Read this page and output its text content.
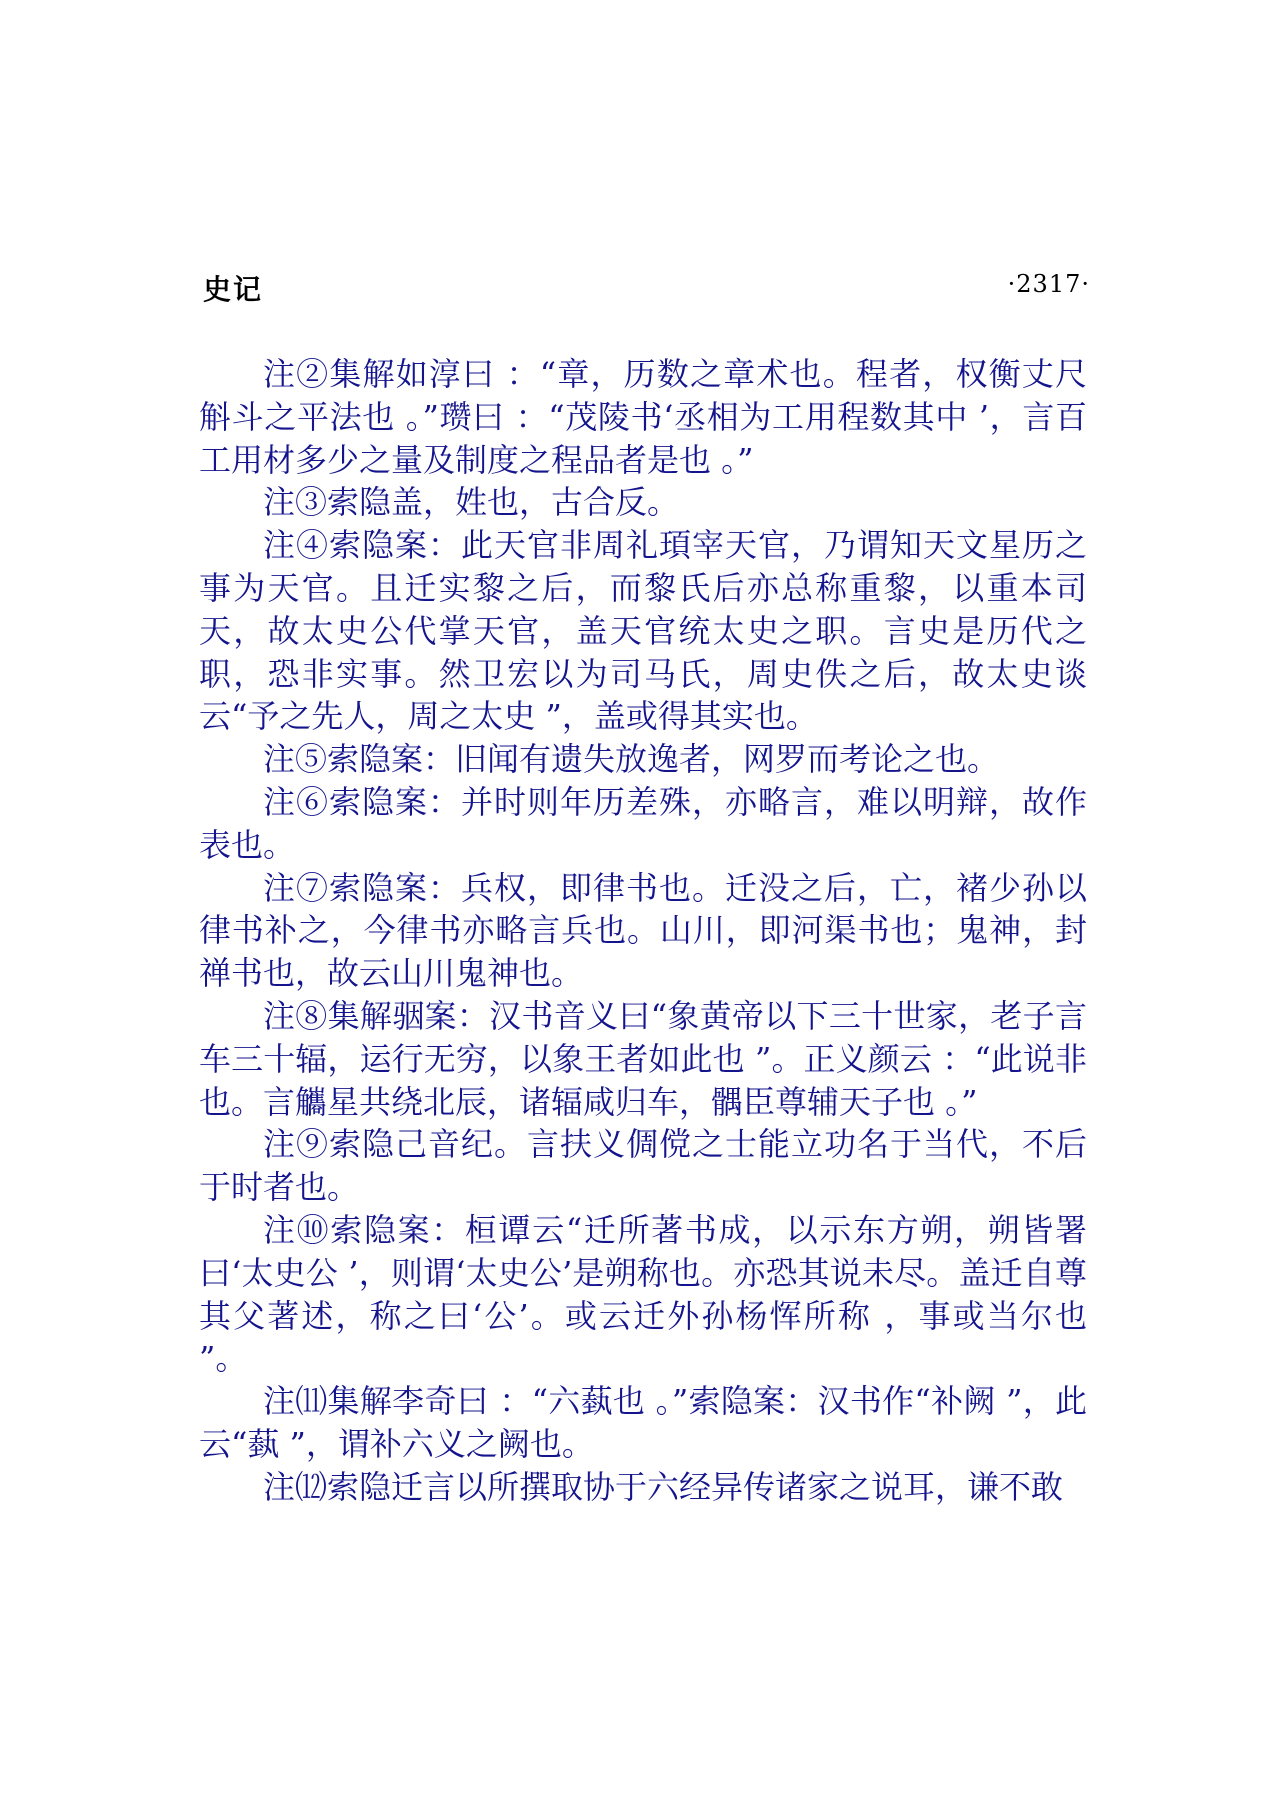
史记	·2317·

注②集解如淳曰 ：“章，历数之章术也。程者，权衡丈尺斛斗之平法也 。”瓒曰 ：“茂陵书‘丞相为工用程数其中 ’，言百工用材多少之量及制度之程品者是也 。”

注③索隐盖，姓也，古合反。

注④索隐案：此天官非周礼頊宰天官，乃谓知天文星历之事为天官。且迁实黎之后，而黎氏后亦总称重黎，以重本司天，故太史公代掌天官，盖天官统太史之职。言史是历代之职，恐非实事。然卫宏以为司马氏，周史佚之后，故太史谈云“予之先人，周之太史 ”，盖或得其实也。

注⑤索隐案：旧闻有遗失放逸者，网罗而考论之也。

注⑥索隐案：并时则年历差殊，亦略言，难以明辩，故作表也。

注⑦索隐案：兵权，即律书也。迁没之后，亡，褚少孙以律书补之，今律书亦略言兵也。山川，即河渠书也；鬼神，封禅书也，故云山川鬼神也。

注⑧集解骃案：汉书音义曰“象黄帝以下三十世家，老子言车三十辐，运行无穷，以象王者如此也 ”。正义颜云 ：“此说非也。言觿星共绕北辰，诸辐咸归车，髃臣尊辅天子也 。”

注⑨索隐己音纪。言扶义倜傥之士能立功名于当代，不后于时者也。

注⑩索隐案：桓谭云“迁所著书成，以示东方朔，朔皆署曰‘太史公 ’，则谓‘太史公’是朔称也。亦恐其说未尽。盖迁自尊其父著述，称之曰‘公’。或云迁外孙杨恽所称 ，事或当尔也 ”。

注⑾集解李奇曰 ：“六蓺也 。”索隐案：汉书作“补阙 ”，此云“蓺 ”，谓补六义之阙也。

注⑿索隐迁言以所撰取协于六经异传诸家之说耳，谦不敢
